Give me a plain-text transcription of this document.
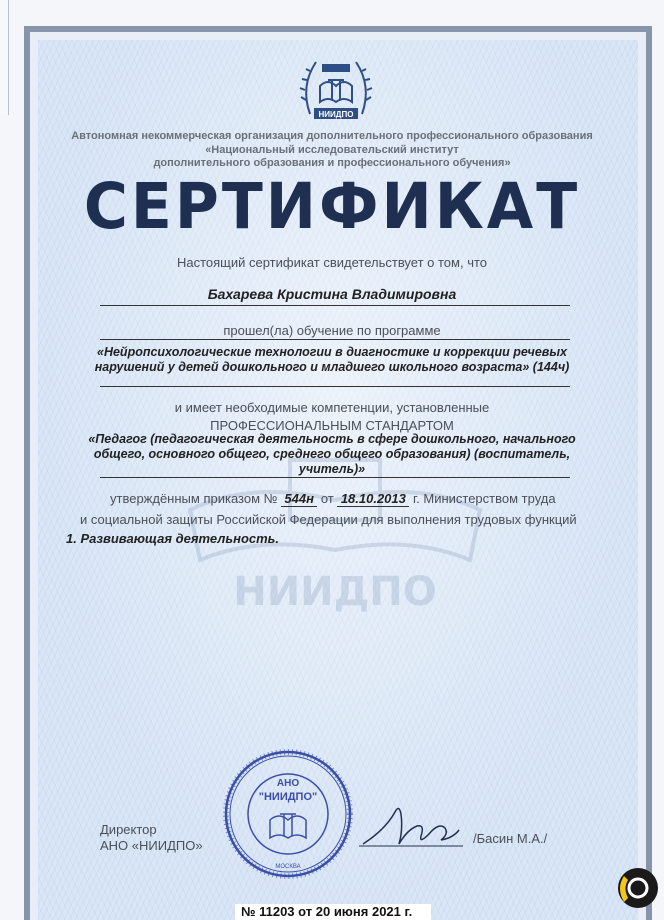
НИИДПО
НИИДПО
Автономная некоммерческая организация дополнительного профессионального образования
«Национальный исследовательский институт
дополнительного образования и профессионального обучения»
СЕРТИФИКАТ
Настоящий сертификат свидетельствует о том, что
Бахарева Кристина Владимировна
прошел(ла) обучение по программе
«Нейропсихологические технологии в диагностике и коррекции речевых
нарушений у детей дошкольного и младшего школьного возраста» (144ч)
и имеет необходимые компетенции, установленные
ПРОФЕССИОНАЛЬНЫМ СТАНДАРТОМ
«Педагог (педагогическая деятельность в сфере дошкольного, начального
общего, основного общего, среднего общего образования) (воспитатель,
учитель)»
утверждённым приказом № 544н от 18.10.2013 г. Министерством труда
и социальной защиты Российской Федерации для выполнения трудовых функций
1. Развивающая деятельность.
АНО
"НИИДПО"
МОСКВА
Директор
АНО «НИИДПО»	/Басин М.А./
№ 11203 от 20 июня 2021 г.
